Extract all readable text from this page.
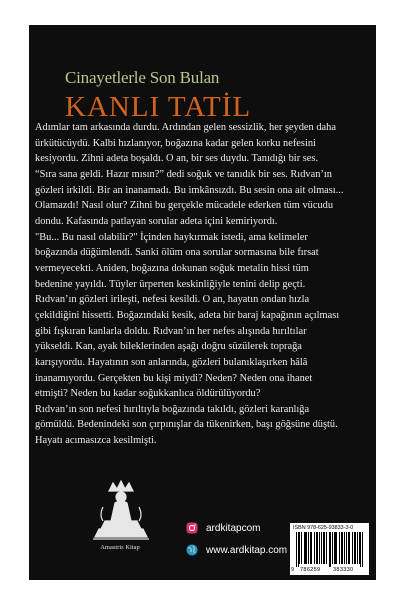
Cinayetlerle Son Bulan
KANLI TATİL

Adımlar tam arkasında durdu. Ardından gelen sessizlik, her şeyden daha

ürkütücüydü. Kalbi hızlanıyor, boğazına kadar gelen korku nefesini

kesiyordu. Zihni adeta boşaldı. O an, bir ses duydu. Tanıdığı bir ses.

“Sıra sana geldi. Hazır mısın?” dedi soğuk ve tanıdık bir ses. Rıdvan’ın

gözleri irkildi. Bir an inanamadı. Bu imkânsızdı. Bu sesin ona ait olması...

Olamazdı! Nasıl olur? Zihni bu gerçekle mücadele ederken tüm vücudu

dondu. Kafasında patlayan sorular adeta içini kemiriyordı.

"Bu... Bu nasıl olabilir?" İçinden haykırmak istedi, ama kelimeler

boğazında düğümlendi. Sanki ölüm ona sorular sormasına bile fırsat

vermeyecekti. Aniden, boğazına dokunan soğuk metalin hissi tüm

bedenine yayıldı. Tüyler ürperten keskinliğiyle tenini delip geçti.

Rıdvan’ın gözleri irileşti, nefesi kesildi. O an, hayatın ondan hızla

çekildiğini hissetti. Boğazındaki kesik, adeta bir baraj kapağının açılması

gibi fışkıran kanlarla doldu. Rıdvan’ın her nefes alışında hırıltılar

yükseldi. Kan, ayak bileklerinden aşağı doğru süzülerek toprağa

karışıyordu. Hayatının son anlarında, gözleri bulanıklaşırken hâlâ

inanamıyordu. Gerçekten bu kişi miydi? Neden? Neden ona ihanet

etmişti? Neden bu kadar soğukkanlıca öldürülüyordu?

Rıdvan’ın son nefesi hırıltıyla boğazında takıldı, gözleri karanlığa

gömüldü. Bedenindeki son çırpınışlar da tükenirken, başı göğsüne düştü.

Hayatı acımasızca kesilmişti.

Amastris Kitap
ardkitapcom
www.ardkitap.com
ISBN 978-625-93833-3-0
9 786259 383330
